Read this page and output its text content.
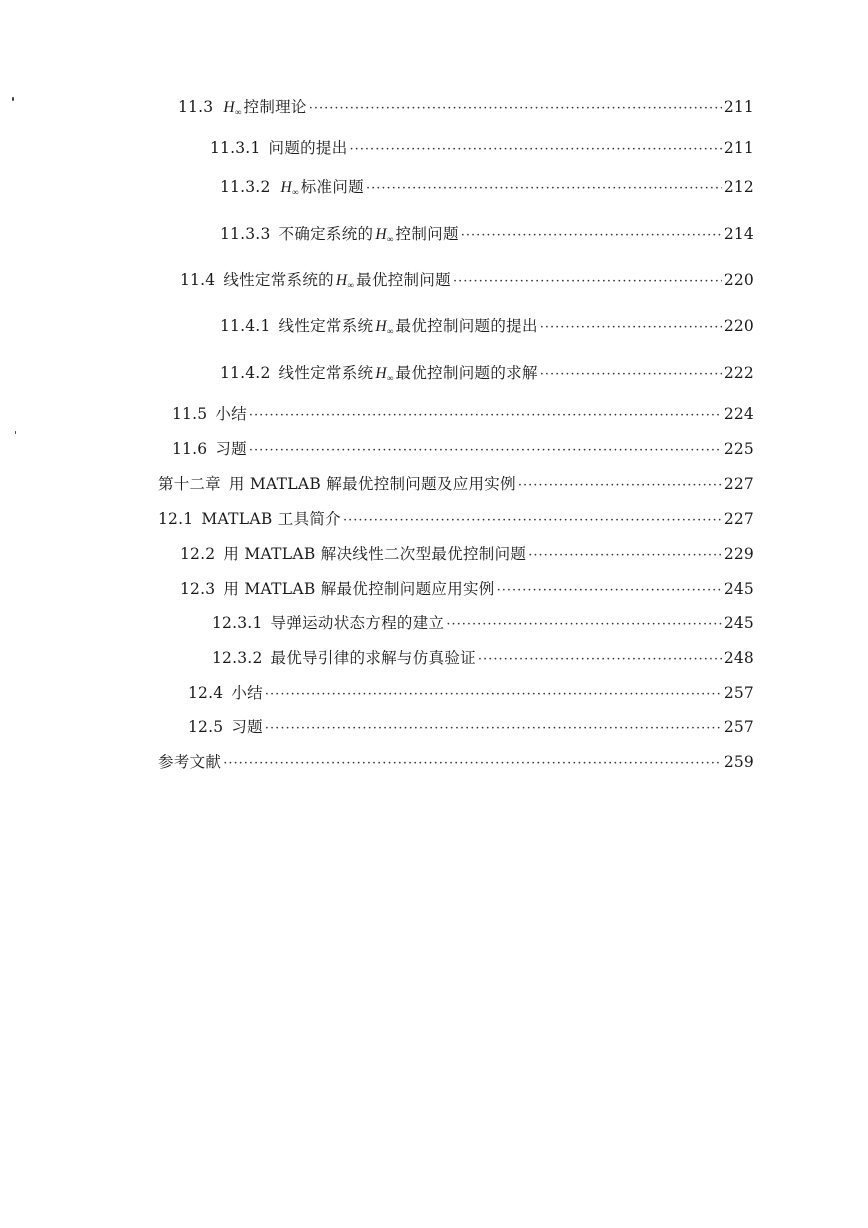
11.3 $H_\infty$ 控制理论 ·····	211
11.3.1 问题的提出 ·····	211
11.3.2 $H_\infty$ 标准问题 ·····	212
11.3.3 不确定系统的 $H_\infty$ 控制问题 ·····	214
11.4 线性定常系统的 $H_\infty$ 最优控制问题 ·····	220
11.4.1 线性定常系统 $H_\infty$ 最优控制问题的提出 ·····	220
11.4.2 线性定常系统 $H_\infty$ 最优控制问题的求解 ·····	222
11.5 小结 ·····	224
11.6 习题 ·····	225
第十二章 用 MATLAB 解最优控制问题及应用实例 ·····	227
12.1 MATLAB 工具简介 ·····	227
12.2 用 MATLAB 解决线性二次型最优控制问题 ·····	229
12.3 用 MATLAB 解最优控制问题应用实例 ·····	245
12.3.1 导弹运动状态方程的建立 ·····	245
12.3.2 最优导引律的求解与仿真验证 ·····	248
12.4 小结 ·····	257
12.5 习题 ·····	257
参考文献 ·····	259
